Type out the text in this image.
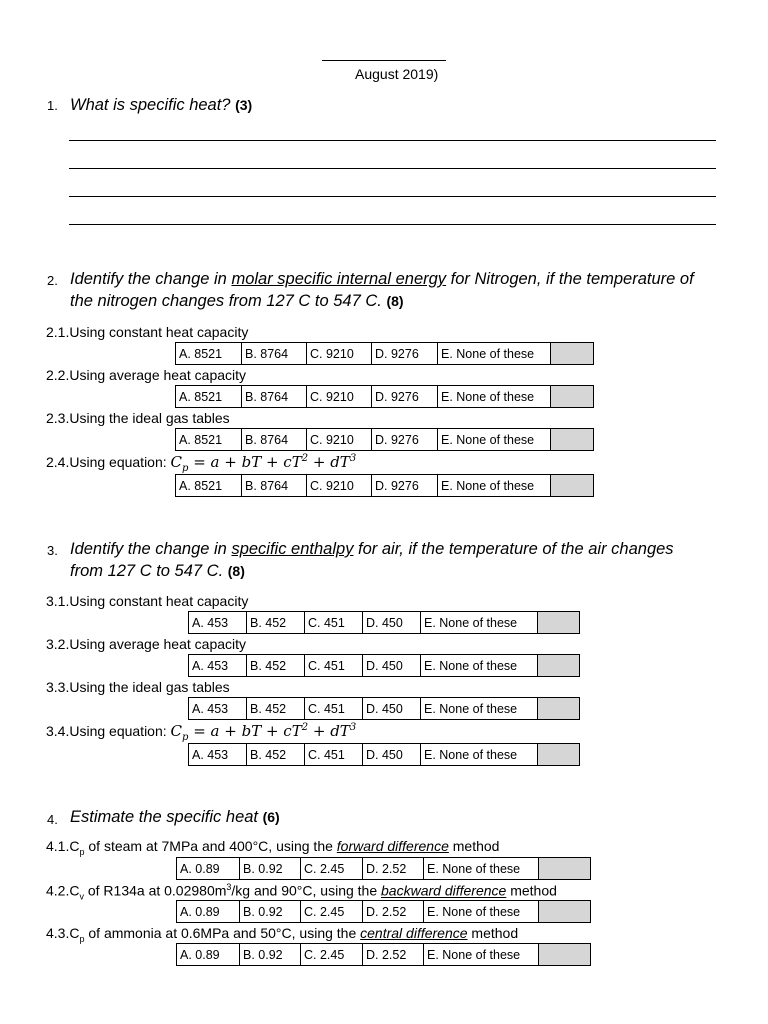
August 2019)
1. What is specific heat? (3)
2. Identify the change in molar specific internal energy for Nitrogen, if the temperature of
the nitrogen changes from 127 C to 547 C. (8)
2.1.Using constant heat capacity
A. 8521	B. 8764	C. 9210	D. 9276	E. None of these	
2.2.Using average heat capacity
A. 8521	B. 8764	C. 9210	D. 9276	E. None of these	
2.3.Using the ideal gas tables
A. 8521	B. 8764	C. 9210	D. 9276	E. None of these	
2.4.Using equation: $C_p = a$ + bT + $cT^2 + dT^3$
A. 8521	B. 8764	C. 9210	D. 9276	E. None of these	
3. Identify the change in specific enthalpy for air, if the temperature of the air changes
from 127 C to 547 C. (8)
3.1.Using constant heat capacity
A. 453	B. 452	C. 451	D. 450	E. None of these	
3.2.Using average heat capacity
A. 453	B. 452	C. 451	D. 450	E. None of these	
3.3.Using the ideal gas tables
A. 453	B. 452	C. 451	D. 450	E. None of these	
3.4.Using equation: $C_p = a$ + bT + $cT^2 + dT^3$
A. 453	B. 452	C. 451	D. 450	E. None of these	
4. Estimate the specific heat (6)
$4.1.C_p$ of steam at 7MPa and 400°C, using the forward difference method
A. 0.89	B. 0.92	C. 2.45	D. 2.52	E. None of these	
$4.2.C_v$ of R134a at $0.02980m^3/kg$ and 90°C, using the backward difference method
A. 0.89	B. 0.92	C. 2.45	D. 2.52	E. None of these	
$4.3.C_p$ of ammonia at 0.6MPa and 50°C, using the central difference method
A. 0.89	B. 0.92	C. 2.45	D. 2.52	E. None of these	
